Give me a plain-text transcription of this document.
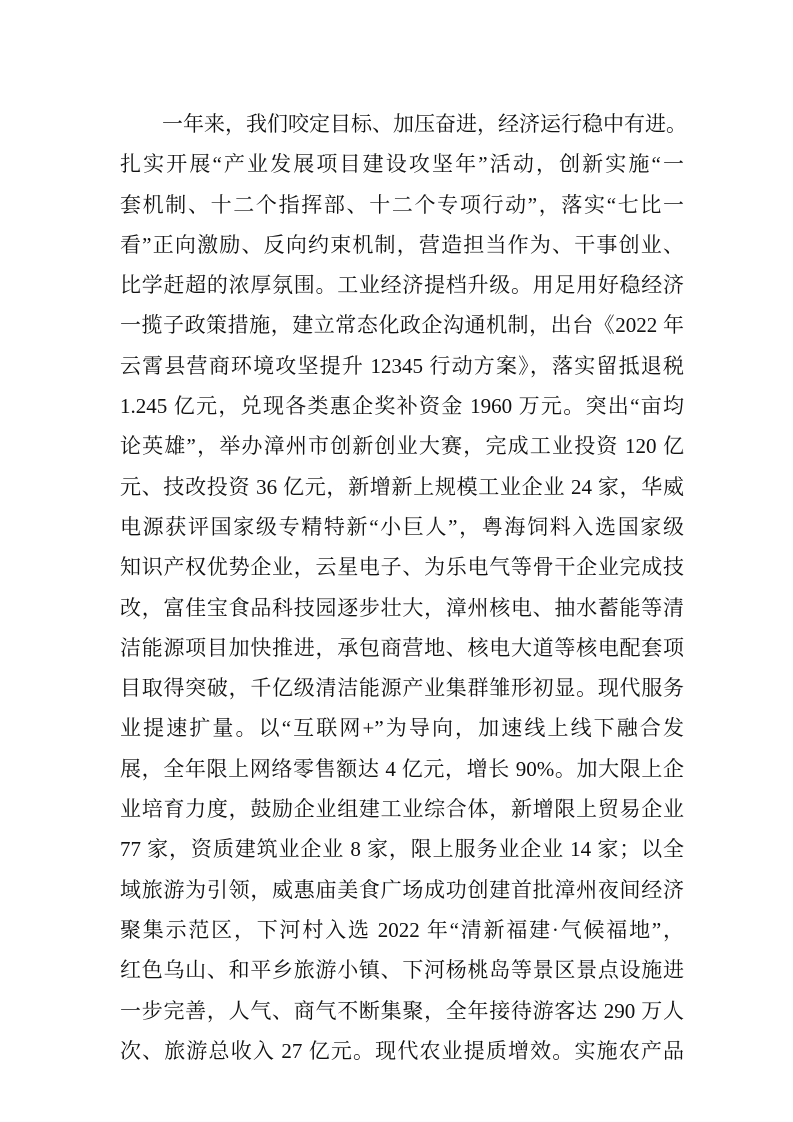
一年来，我们咬定目标、加压奋进，经济运行稳中有进。
扎实开展“产业发展项目建设攻坚年”活动，创新实施“一
套机制、十二个指挥部、十二个专项行动”，落实“七比一
看”正向激励、反向约束机制，营造担当作为、干事创业、
比学赶超的浓厚氛围。工业经济提档升级。用足用好稳经济
一揽子政策措施，建立常态化政企沟通机制，出台《2022 年
云霄县营商环境攻坚提升 12345 行动方案》，落实留抵退税
1.245 亿元，兑现各类惠企奖补资金 1960 万元。突出“亩均
论英雄”，举办漳州市创新创业大赛，完成工业投资 120 亿
元、技改投资 36 亿元，新增新上规模工业企业 24 家，华威
电源获评国家级专精特新“小巨人”，粤海饲料入选国家级
知识产权优势企业，云星电子、为乐电气等骨干企业完成技
改，富佳宝食品科技园逐步壮大，漳州核电、抽水蓄能等清
洁能源项目加快推进，承包商营地、核电大道等核电配套项
目取得突破，千亿级清洁能源产业集群雏形初显。现代服务
业提速扩量。以“互联网+”为导向，加速线上线下融合发
展，全年限上网络零售额达 4 亿元，增长 90%。加大限上企
业培育力度，鼓励企业组建工业综合体，新增限上贸易企业
77 家，资质建筑业企业 8 家，限上服务业企业 14 家；以全
域旅游为引领，威惠庙美食广场成功创建首批漳州夜间经济
聚集示范区，下河村入选 2022 年“清新福建·气候福地”，
红色乌山、和平乡旅游小镇、下河杨桃岛等景区景点设施进
一步完善，人气、商气不断集聚，全年接待游客达 290 万人
次、旅游总收入 27 亿元。现代农业提质增效。实施农产品
